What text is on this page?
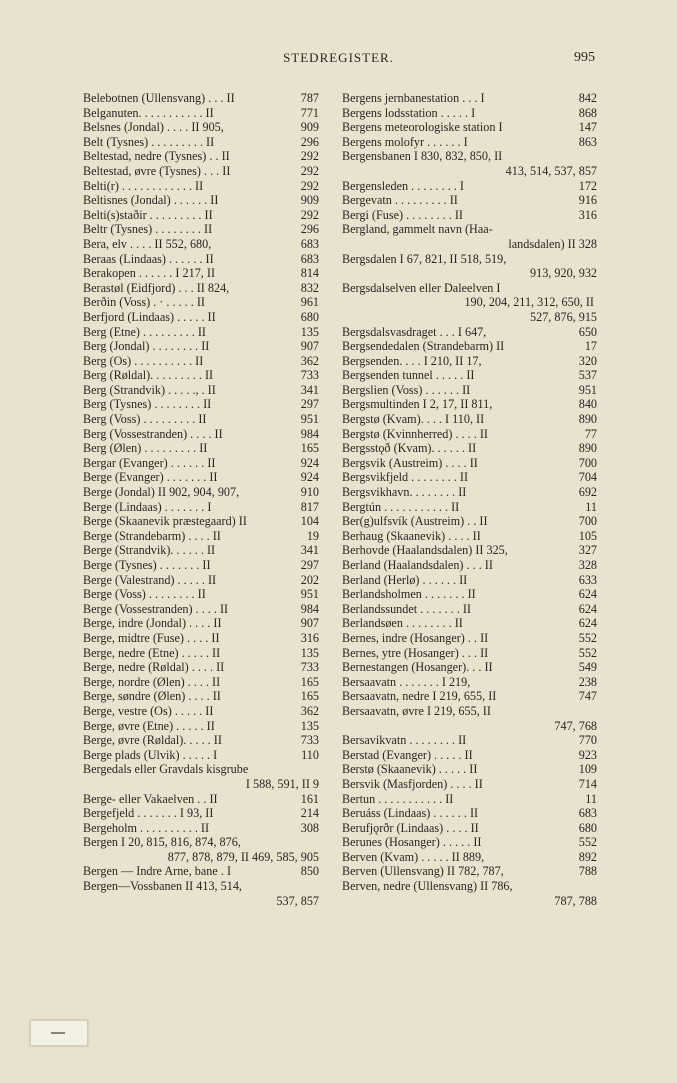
STEDREGISTER.	995
Belebotnen (Ullensvang) . . . II	787
Belganuten. . . . . . . . . . . II	771
Belsnes (Jondal) . . . . II 905,	909
Belt (Tysnes) . . . . . . . . . II	296
Beltestad, nedre (Tysnes) . . II	292
Beltestad, øvre (Tysnes) . . . II	292
Belti(r) . . . . . . . . . . . . II	292
Beltisnes (Jondal) . . . . . . II	909
Belti(s)staðir . . . . . . . . . II	292
Beltr (Tysnes) . . . . . . . . II	296
Bera, elv . . . . II 552, 680,	683
Beraas (Lindaas) . . . . . . II	683
Berakopen . . . . . . I 217, II	814
Berastøl (Eidfjord) . . . II 824,	832
Berðin (Voss) . · . . . . . II	961
Berfjord (Lindaas) . . . . . II	680
Berg (Etne) . . . . . . . . . II	135
Berg (Jondal) . . . . . . . . II	907
Berg (Os) . . . . . . . . . . II	362
Berg (Røldal). . . . . . . . . II	733
Berg (Strandvik) . . . . ., . II	341
Berg (Tysnes) . . . . . . . . II	297
Berg (Voss) . . . . . . . . . II	951
Berg (Vossestranden) . . . . II	984
Berg (Ølen) . . . . . . . . . II	165
Bergar (Evanger) . . . . . . II	924
Berge (Evanger) . . . . . . . II	924
Berge (Jondal) II 902, 904, 907,	910
Berge (Lindaas) . . . . . . . I	817
Berge (Skaanevik præstegaard) II	104
Berge (Strandebarm) . . . . II	19
Berge (Strandvik). . . . . . II	341
Berge (Tysnes) . . . . . . . II	297
Berge (Valestrand) . . . . . II	202
Berge (Voss) . . . . . . . . II	951
Berge (Vossestranden) . . . . II	984
Berge, indre (Jondal) . . . . II	907
Berge, midtre (Fuse) . . . . II	316
Berge, nedre (Etne) . . . . . II	135
Berge, nedre (Røldal) . . . . II	733
Berge, nordre (Ølen) . . . . II	165
Berge, søndre (Ølen) . . . . II	165
Berge, vestre (Os) . . . . . II	362
Berge, øvre (Etne) . . . . . II	135
Berge, øvre (Røldal). . . . . II	733
Berge plads (Ulvik) . . . . . I	110
Bergedals eller Gravdals kisgrube
I 588, 591, II 9
Berge- eller Vakaelven . . II	161
Bergefjeld . . . . . . . I 93, II	214
Bergeholm . . . . . . . . . . II	308
Bergen I 20, 815, 816, 874, 876,
877, 878, 879, II 469, 585, 905
Bergen — Indre Arne, bane . I	850
Bergen—Vossbanen II 413, 514,
537, 857
Bergens jernbanestation . . . I	842
Bergens lodsstation . . . . . I	868
Bergens meteorologiske station I	147
Bergens molofyr . . . . . . I	863
Bergensbanen I 830, 832, 850, II
413, 514, 537, 857
Bergensleden . . . . . . . . I	172
Bergevatn . . . . . . . . . II	916
Bergi (Fuse) . . . . . . . . II	316
Bergland, gammelt navn (Haa-
landsdalen) II 328
Bergsdalen I 67, 821, II 518, 519,
913, 920, 932
Bergsdalselven eller Daleelven I
190, 204, 211, 312, 650, II
527, 876, 915
Bergsdalsvasdraget . . . I 647,	650
Bergsendedalen (Strandebarm) II	17
Bergsenden. . . . I 210, II 17,	320
Bergsenden tunnel . . . . . II	537
Bergslien (Voss) . . . . . . II	951
Bergsmultinden I 2, 17, II 811,	840
Bergstø (Kvam). . . . I 110, II	890
Bergstø (Kvinnherred) . . . . II	77
Bergsstǫð (Kvam). . . . . . II	890
Bergsvik (Austreim) . . . . II	700
Bergsvikfjeld . . . . . . . . II	704
Bergsvikhavn. . . . . . . . II	692
Bergtún . . . . . . . . . . . II	11
Ber(g)ulfsvík (Austreim) . . II	700
Berhaug (Skaanevik) . . . . II	105
Berhovde (Haalandsdalen) II 325,	327
Berland (Haalandsdalen) . . . II	328
Berland (Herlø) . . . . . . II	633
Berlandsholmen . . . . . . . II	624
Berlandssundet . . . . . . . II	624
Berlandsøen . . . . . . . . II	624
Bernes, indre (Hosanger) . . II	552
Bernes, ytre (Hosanger) . . . II	552
Bernestangen (Hosanger). . . II	549
Bersaavatn . . . . . . . I 219,	238
Bersaavatn, nedre I 219, 655, II	747
Bersaavatn, øvre I 219, 655, II
747, 768
Bersavikvatn . . . . . . . . II	770
Berstad (Evanger) . . . . . II	923
Berstø (Skaanevik) . . . . . II	109
Bersvik (Masfjorden) . . . . II	714
Bertun . . . . . . . . . . . II	11
Beruáss (Lindaas) . . . . . . II	683
Berufjǫrðr (Lindaas) . . . . II	680
Berunes (Hosanger) . . . . . II	552
Berven (Kvam) . . . . . II 889,	892
Berven (Ullensvang) II 782, 787,	788
Berven, nedre (Ullensvang) II 786,
787, 788
